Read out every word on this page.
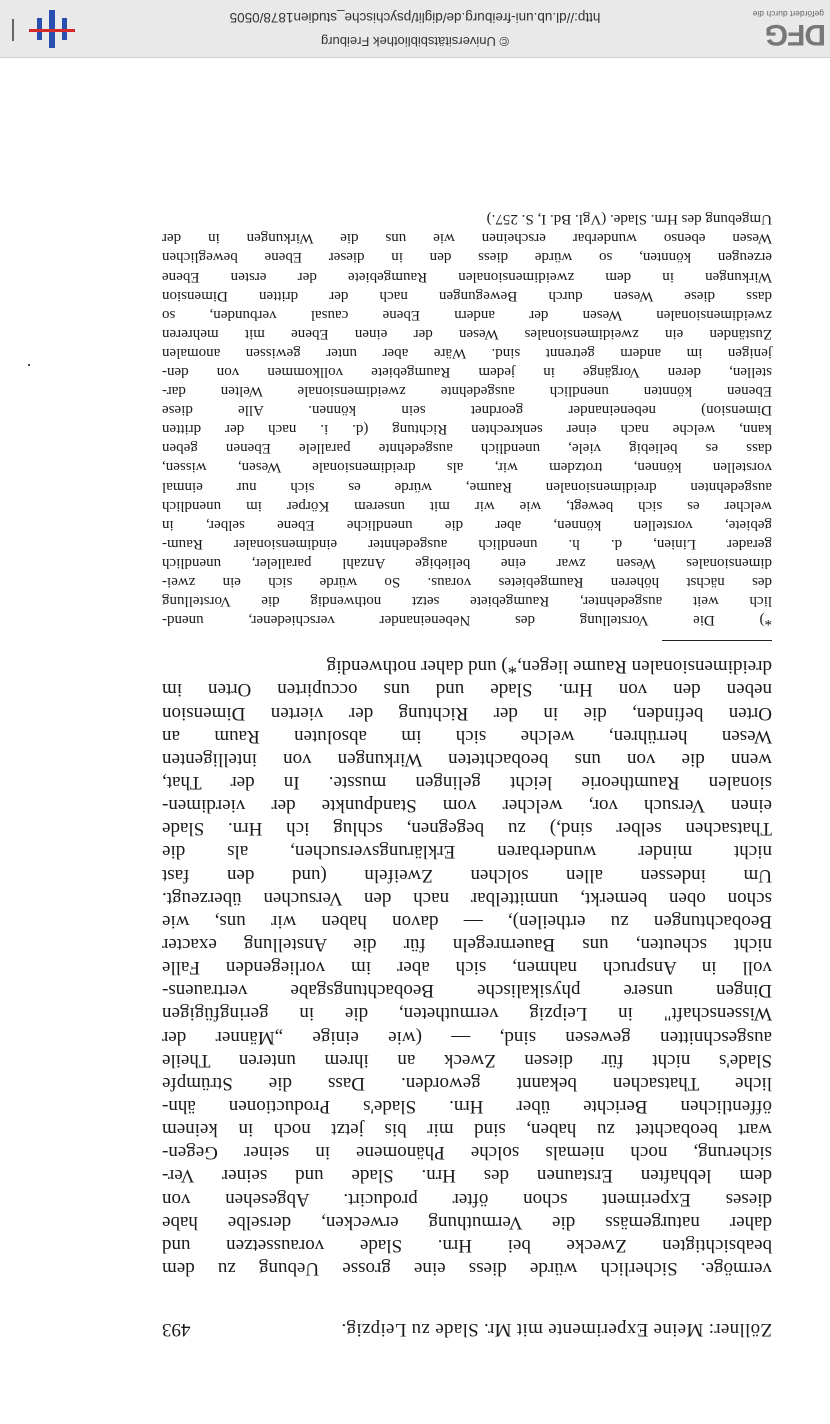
Zöllner: Meine Experimente mit Mr. Slade zu Leipzig.
493
vermöge. Sicherlich würde diess eine grosse Uebung zu dem
beabsichtigten Zwecke bei Hrn. Slade voraussetzen und
daher naturgemäss die Vermuthung erwecken, derselbe habe
dieses Experiment schon öfter producirt. Abgesehen von
dem lebhaften Erstaunen des Hrn. Slade und seiner Ver-
sicherung, noch niemals solche Phänomene in seiner Gegen-
wart beobachtet zu haben, sind mir bis jetzt noch in keinem
öffentlichen Berichte über Hrn. Slade's Productionen ähn-
liche Thatsachen bekannt geworden. Dass die Strümpfe
Slade's nicht für diesen Zweck an ihrem unteren Theile
ausgeschnitten gewesen sind, — (wie einige „Männer der
Wissenschaft" in Leipzig vermutheten, die in geringfügigen
Dingen unsere physikalische Beobachtungsgabe vertrauens-
voll in Anspruch nahmen, sich aber im vorliegenden Falle
nicht scheuten, uns Bauernregeln für die Anstellung exacter
Beobachtungen zu ertheilen), — davon haben wir uns, wie
schon oben bemerkt, unmittelbar nach den Versuchen überzeugt.
Um indessen allen solchen Zweifeln (und den fast
nicht minder wunderbaren Erklärungsversuchen, als die
Thatsachen selber sind,) zu begegnen, schlug ich Hrn. Slade
einen Versuch vor, welcher vom Standpunkte der vierdimen-
sionalen Raumtheorie leicht gelingen musste. In der That,
wenn die von uns beobachteten Wirkungen von intelligenten
Wesen herrühren, welche sich im absoluten Raum an
Orten befinden, die in der Richtung der vierten Dimension
neben den von Hrn. Slade und uns occupirten Orten im
dreidimensionalen Raume liegen,*) und daher nothwendig
*) Die Vorstellung des Nebeneinander verschiedener, unend-
lich weit ausgedehnter, Raumgebiete setzt nothwendig die Vorstellung
des nächst höheren Raumgebietes voraus. So würde sich ein zwei-
dimensionales Wesen zwar eine beliebige Anzahl paralleler, unendlich
gerader Linien, d. h. unendlich ausgedehnter eindimensionaler Raum-
gebiete, vorstellen können, aber die unendliche Ebene selber, in
welcher es sich bewegt, wie wir mit unserem Körper im unendlich
ausgedehnten dreidimensionalen Raume, würde es sich nur einmal
vorstellen können, trotzdem wir, als dreidimensionale Wesen, wissen,
dass es beliebig viele, unendlich ausgedehnte parallele Ebenen geben
kann, welche nach einer senkrechten Richtung (d. i. nach der dritten
Dimension) nebeneinander geordnet sein können. Alle diese
Ebenen könnten unendlich ausgedehnte zweidimensionale Welten dar-
stellen, deren Vorgänge in jedem Raumgebiete vollkommen von den-
jenigen im andern getrennt sind. Wäre aber unter gewissen anomalen
Zuständen ein zweidimensionales Wesen der einen Ebene mit mehreren
zweidimensionalen Wesen der andern Ebene causal verbunden, so
dass diese Wesen durch Bewegungen nach der dritten Dimension
Wirkungen in dem zweidimensionalen Raumgebiete der ersten Ebene
erzeugen könnten, so würde diess den in dieser Ebene beweglichen
Wesen ebenso wunderbar erscheinen wie uns die Wirkungen in der
Umgebung des Hrn. Slade. (Vgl. Bd. I, S. 257.)
gefördert durch die
DFG
http://dl.ub.uni-freiburg.de/diglit/psychische_studien1878/0505
© Universitätsbibliothek Freiburg
